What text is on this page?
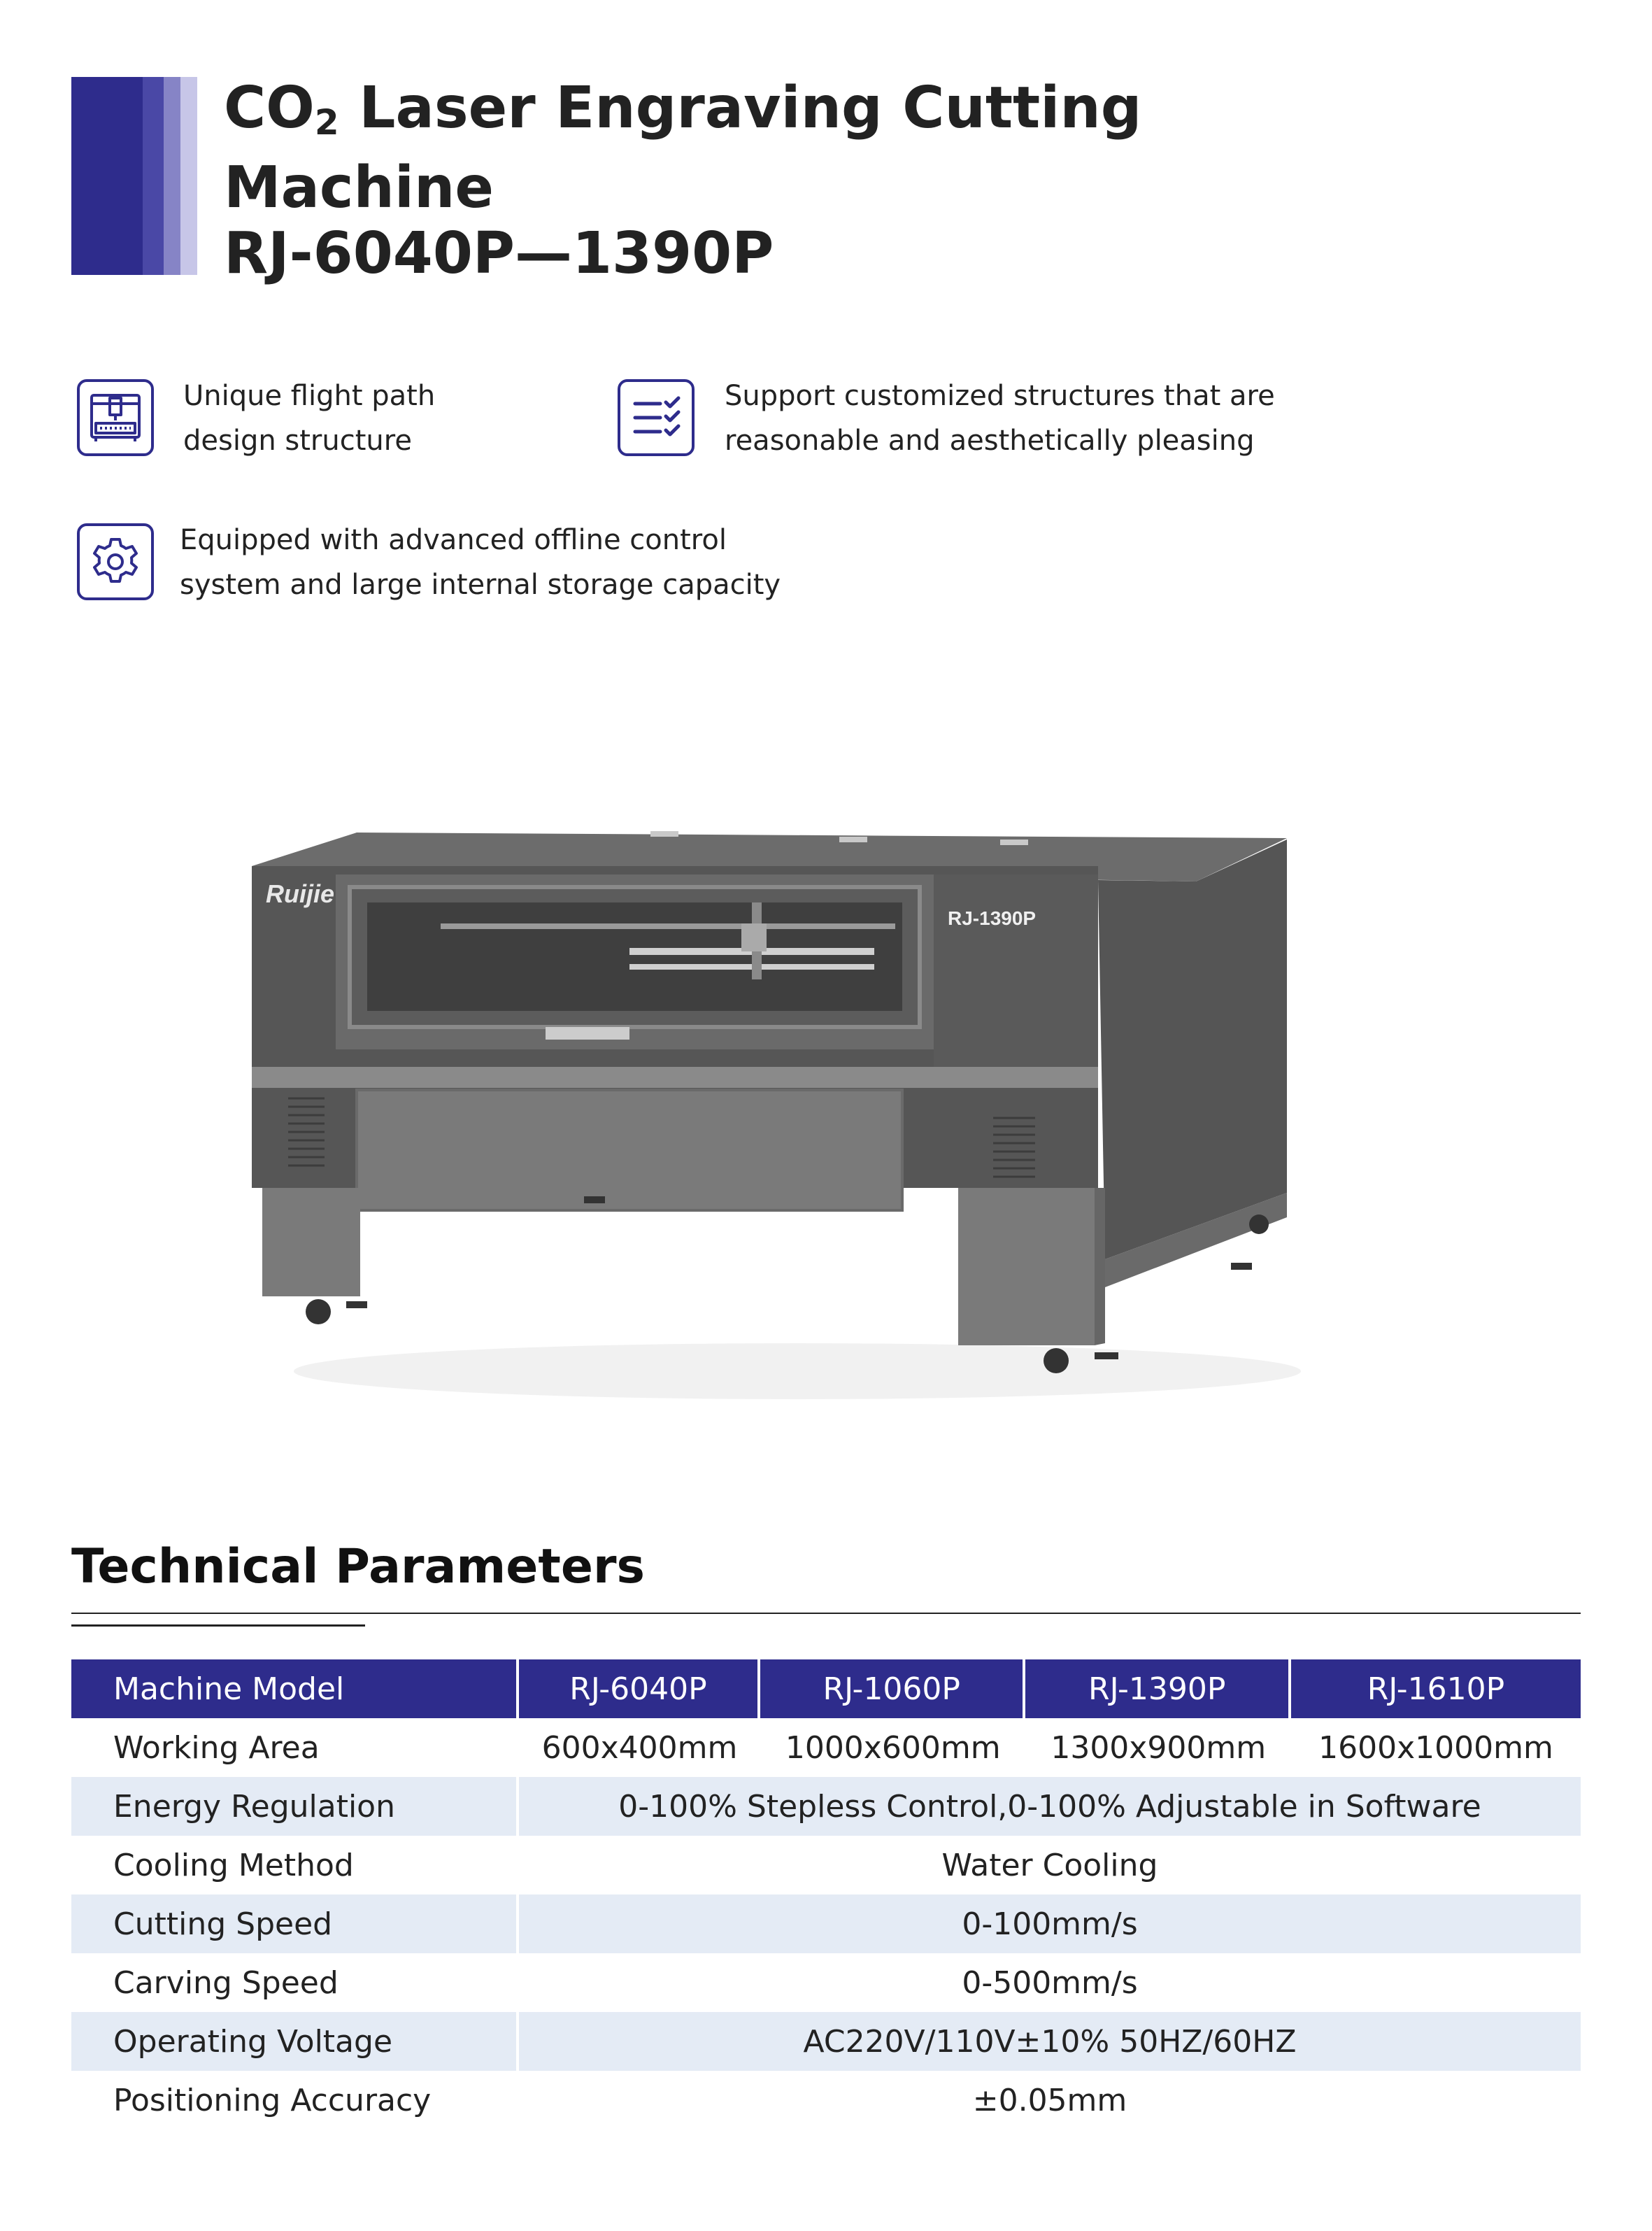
$CO_2$ Laser Engraving Cutting
Machine
RJ-6040P—1390P
Unique flight path
design structure
Support customized structures that are
reasonable and aesthetically pleasing
Equipped with advanced offline control
system and large internal storage capacity
Ruijie
RJ-1390P
Technical Parameters
Machine Model	RJ-6040P	RJ-1060P	RJ-1390P	RJ-1610P
Working Area	600x400mm	1000x600mm	1300x900mm	1600x1000mm
Energy Regulation	0-100% Stepless Control,0-100% Adjustable in Software			
Cooling Method	Water Cooling			
Cutting Speed	0-100mm/s			
Carving Speed	0-500mm/s			
Operating Voltage	AC220V/110V±10% 50HZ/60HZ			
Positioning Accuracy	±0.05mm			
